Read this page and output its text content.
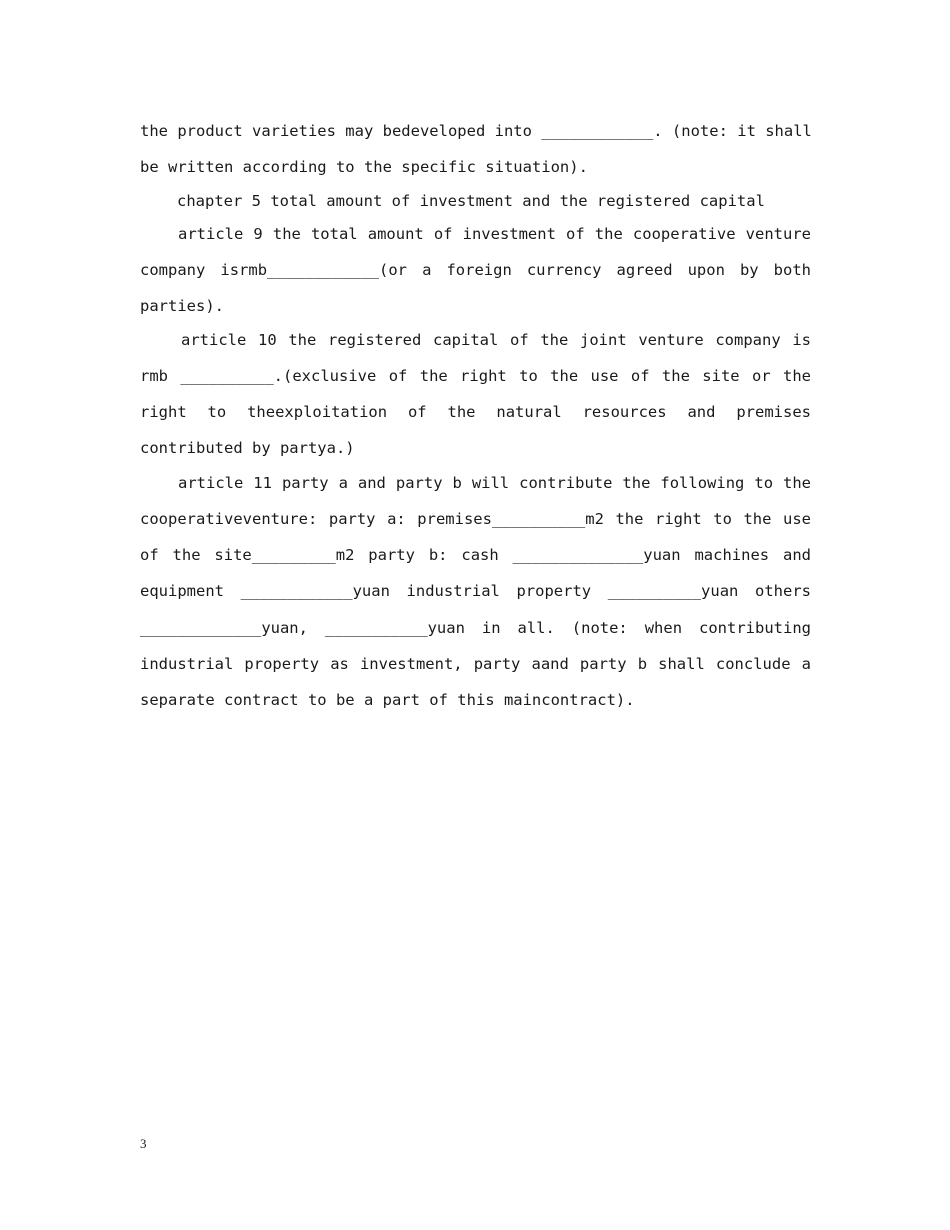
the product varieties may bedeveloped into ____________. (note: it shall
be written according to the specific situation).
chapter 5 total amount of investment and the registered capital
article 9 the total amount of investment of the cooperative venture
company isrmb____________(or a foreign currency agreed upon by both
parties).
article 10 the registered capital of the joint venture company is
rmb __________.(exclusive of the right to the use of the site or the
right to theexploitation of the natural resources and premises
contributed by partya.)
article 11 party a and party b will contribute the following to the
cooperativeventure: party a: premises__________m2 the right to the use
of the site_________m2 party b: cash ______________yuan machines and
equipment ____________yuan industrial property __________yuan others
_____________yuan, ___________yuan in all. (note: when contributing
industrial property as investment, party aand party b shall conclude a
separate contract to be a part of this maincontract).
3
